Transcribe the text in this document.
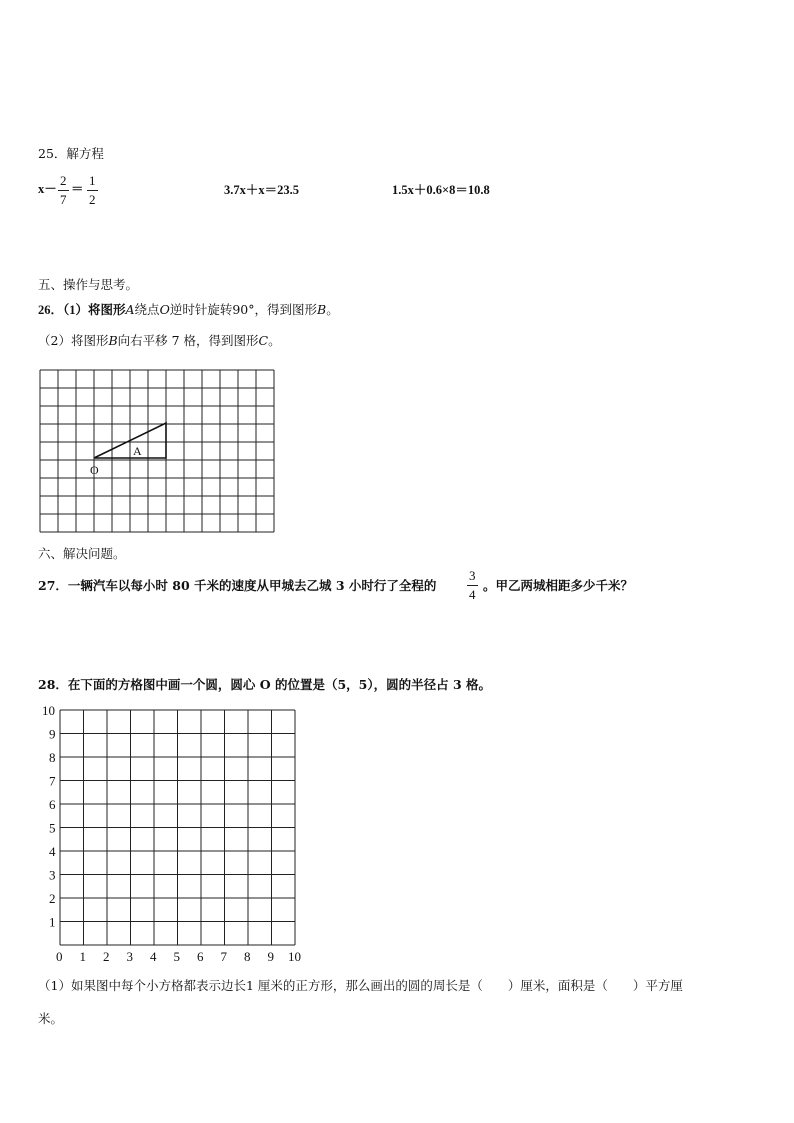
25．解方程
x－
2
7
＝
1
2
3.7x＋x＝23.5	1.5x＋0.6×8＝10.8
五、操作与思考。
26．（1）将图形A绕点O逆时针旋转90°，得到图形B。
（2）将图形B向右平移 7 格，得到图形C。
A
O
六、解决问题。
27．一辆汽车以每小时 80 千米的速度从甲城去乙城 3 小时行了全程的
3
4
。甲乙两城相距多少千米？
28．在下面的方格图中画一个圆，圆心 O 的位置是（5，5），圆的半径占 3 格。
0 1 2 3 4 5 6 7 8 9 10
1
2
3
4
5
6
7
8
9
10
（1）如果图中每个小方格都表示边长1 厘米的正方形，那么画出的圆的周长是（　　）厘米，面积是（　　）平方厘
米。
